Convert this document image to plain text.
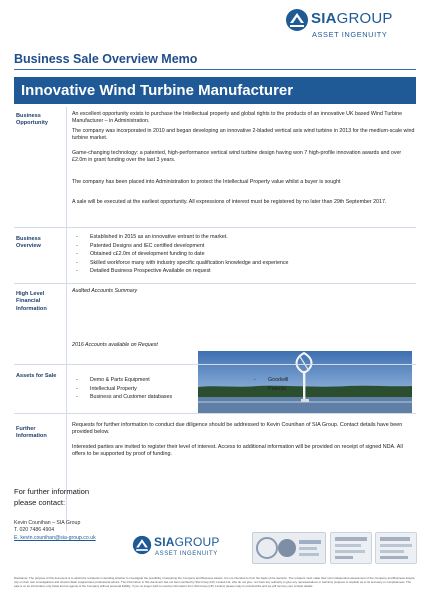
SIAGROUP
ASSET INGENUITY
Business Sale Overview Memo
Innovative Wind Turbine Manufacturer
Business Opportunity
An excellent opportunity exists to purchase the Intellectual property and global rights to the products of an innovative UK based Wind Turbine Manufacturer – in Administration.
The company was incorporated in 2010 and began developing an innovative 2-bladed vertical axis wind turbine in 2013 for the medium-scale wind turbine market.
Game-changing technology: a patented, high-performance vertical wind turbine design having won 7 high-profile innovation awards and over £2.0m in grant funding over the last 3 years.
The company has been placed into Administration to protect the Intellectual Property value whilst a buyer is sought
A sale will be executed at the earliest opportunity. All expressions of interest must be registered by no later than 29th September 2017.
Business Overview
- Established in 2015 as an innovative entrant to the market.
- Patented Designs and IEC certified development
- Obtained c£2.0m of development funding to date
- Skilled workforce many with industry specific qualification knowledge and experience
- Detailed Business Prospective Available on request
High Level Financial Information
Audited Accounts Summary
2016 Accounts available on Request
Assets for Sale
- Demo & Parts Equipment
- Intellectual Property
- Business and Customer databases
- Goodwill
- Patents
Further Information
Requests for further information to conduct due diligence should be addressed to Kevin Counihan of SIA Group. Contact details have been provided below.
Interested parties are invited to register their level of interest. Access to additional information will be provided on receipt of signed NDA. All offers to be supported by proof of funding.
For further information
please contact:
Kevin Counihan – SIA Group
T. 020 7486 4904
E. kevin.counihan@sia-group.co.uk	SIAGROUP
ASSET INGENUITY
Disclaimer: The purpose of this document is to assist the recipients in deciding whether to investigate the possibility of acquiring the Company and Business Assets. It is not intended to form the basis of the decision. The recipient must make their own independent assessment of the Company and Business Assets, rely on their own investigations and should obtain independent professional advice. The information in this document has not been verified by SIA Group (UK) Limited Ltd, who do not give, nor have any authority to give any representations or warranty (express or implied) as to its accuracy or completeness. The sale is on an information only basis and as agents of the Company without personal liability. If you no longer wish to receive information from SIA Group (UK) Limited, please reply to unsubscribe and we will remove your contact details.
